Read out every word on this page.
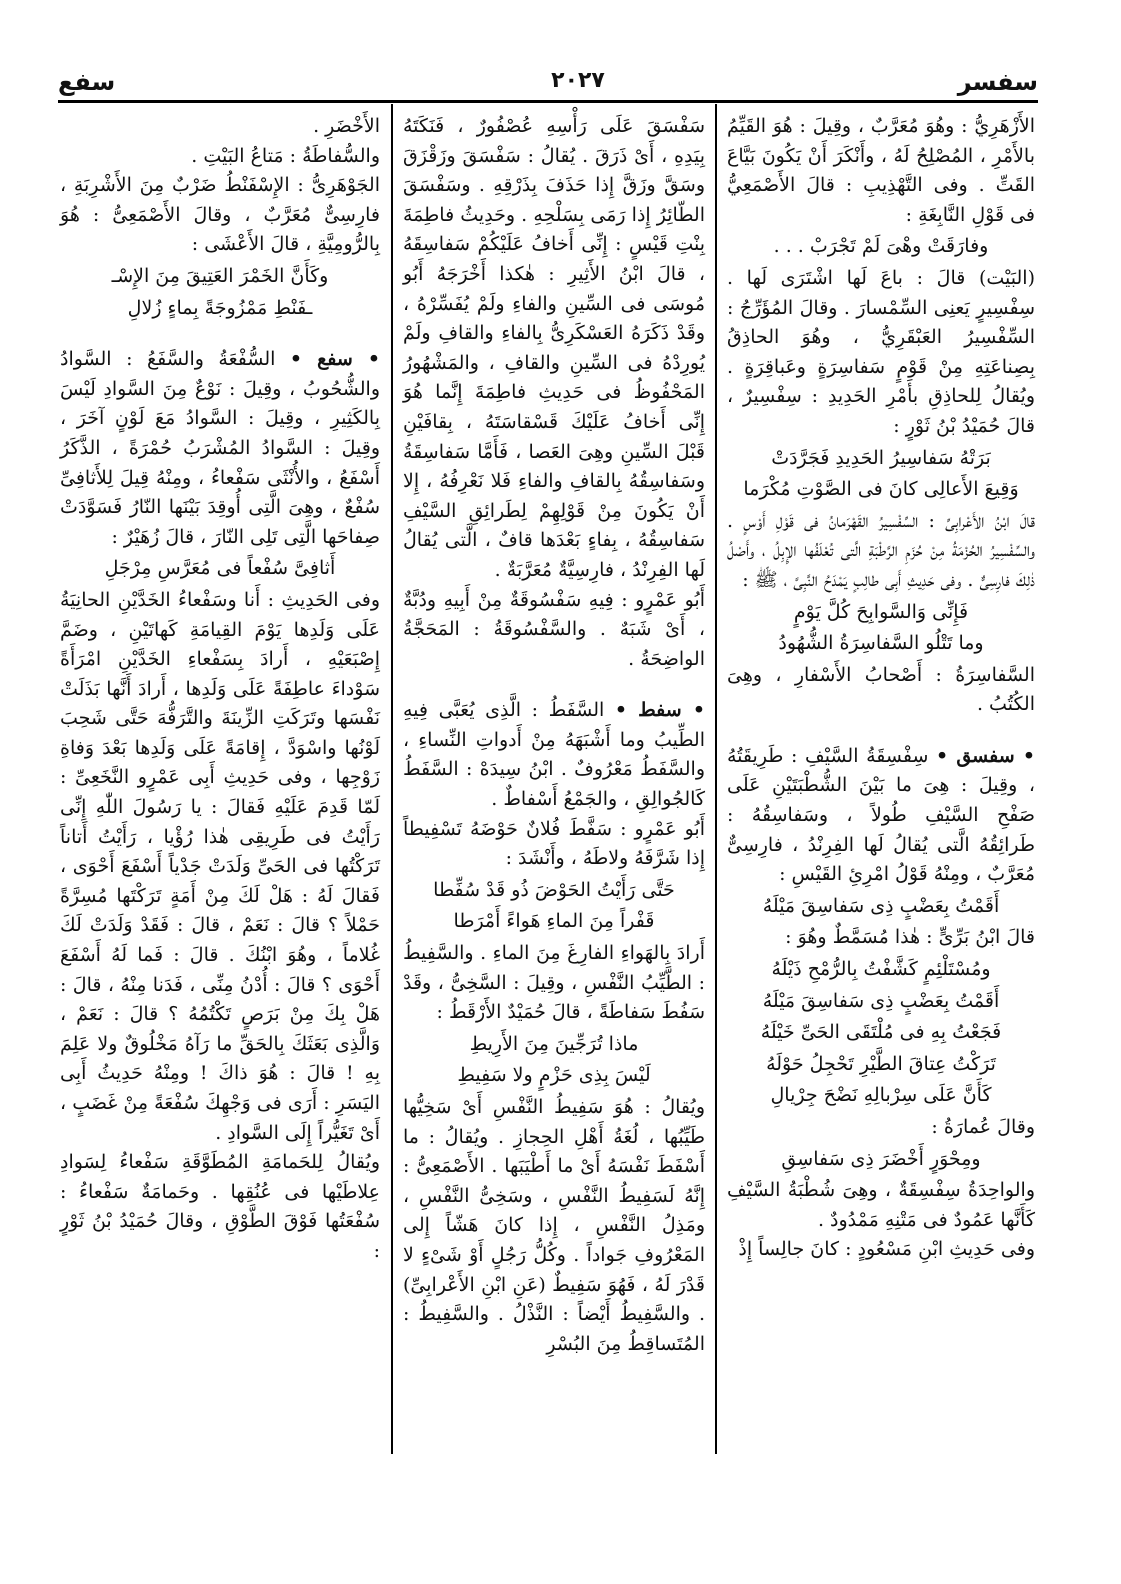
سفسر
٢٠٢٧
سفع

الأَزْهَرِيُّ : وهُوَ مُعَرَّبٌ ، وقِيلَ : هُوَ القَيِّمُ بالأَمْرِ ، المُصْلِحُ لَهُ ، وأَنْكَرَ أَنْ يَكُونَ بَيَّاعَ القَتِّ . وفى التَّهْذِيبِ : قالَ الأَصْمَعِيُّ فى قَوْلِ النَّابِغَةِ :

وفارَقَتْ وهْىَ لَمْ تَجْرَبْ . . .

(البَيْت) قالَ : باعَ لَها اشْتَرَى لَها . سِفْسِيرٍ يَعنِى السِّمْسارَ . وقالَ المُؤَرِّجُ : السِّفْسِيرُ العَبْقَرِيُّ ، وهُوَ الحاذِقُ بِصِناعَتِهِ مِنْ قَوْمٍ سَفاسِرَةٍ وعَباقِرَةٍ . ويُقالُ لِلحاذِقِ بأَمْرِ الحَدِيدِ : سِفْسِيرٌ ، قالَ حُمَيْدُ بْنُ ثَوْرٍ :

بَرَتْهُ سَفاسِيرُ الحَدِيدِ فَجَرَّدَتْ

وَقِيعَ الأَعالِى كانَ فى الصَّوْتِ مُكْرَما

قالَ ابْنُ الأَعْرابِىِّ : السِّفْسِيرُ القَهْرَمانُ فى قَوْلِ أَوْسٍ . والسِّفْسِيرُ الحُزْمَةُ مِنْ حُزَمِ الرَّطْبَةِ الَّتى تُعْلَفُها الإِبِلُ ، وأَصْلُ ذٰلِكَ فارِسِىٌّ . وفى حَدِيثِ أَبِى طالِبٍ يَمْدَحُ النَّبِىَّ ، ﷺ :

فَإِنِّى وَالسَّوابِحَ كُلَّ يَوْمٍ

وما تَتْلُو السَّفاسِرَةُ الشُّهُودُ

السَّفاسِرَةُ : أَصْحابُ الأَسْفارِ ، وهِىَ الكُتُبُ .

• سفسق • سِفْسِقَةُ السَّيْفِ : طَرِيقَتُهُ ، وقِيلَ : هِىَ ما بَيْنَ الشُّطْبَتَيْنِ عَلَى صَفْحِ السَّيْفِ طُولاً ، وسَفاسِقُهُ : طَرائِقُهُ الَّتى يُقالُ لَها الفِرِنْدُ ، فارِسِىٌّ مُعَرَّبٌ ، ومِنْهُ قَوْلُ امْرِئِ القَيْسِ :

أَقَمْتُ بِعَضْبٍ ذِى سَفاسِقَ مَيْلَهُ

قالَ ابْنُ بَرِّىٍّ : هٰذا مُسَمَّطٌ وهُوَ :

ومُسْتَلْئِمٍ كَشَّفْتُ بِالرُّمْحِ ذَيْلَهُ

أَقَمْتُ بِعَضْبٍ ذِى سَفاسِقَ مَيْلَهُ

فَجَعْتُ بِهِ فى مُلْتَقَى الحَىِّ خَيْلَهُ

تَرَكْتُ عِتاقَ الطَّيْرِ تَحْجِلُ حَوْلَهُ

كَأَنَّ عَلَى سِرْبالِهِ نَضْحَ جِرْيالِ

وقالَ عُمارَةُ :

ومِحْوَرٍ أَخْضَرَ ذِى سَفاسِقِ

والواحِدَةُ سِفْسِقَةٌ ، وهِىَ شُطْبَةُ السَّيْفِ كَأَنَّها عَمُودٌ فى مَتْنِهِ مَمْدُودٌ .

وفى حَدِيثِ ابْنِ مَسْعُودٍ : كانَ جالِساً إِذْ

سَفْسَقَ عَلَى رَأْسِهِ عُصْفُورٌ ، فَنَكَتَهُ بِيَدِهِ ، أَىْ ذَرَقَ . يُقالُ : سَفْسَقَ وزَقْزَقَ وسَقَّ وزَقَّ إِذا حَذَفَ بِذَرْقِهِ . وسَفْسَقَ الطّائِرُ إِذا رَمَى بِسَلْحِهِ . وحَدِيثُ فاطِمَةَ بِنْتِ قَيْسٍ : إِنِّى أَخافُ عَلَيْكُمْ سَفاسِقَهُ ، قالَ ابْنُ الأَثِيرِ : هٰكذا أَخْرَجَهُ أَبُو مُوسَى فى السِّينِ والفاءِ ولَمْ يُفَسِّرْهُ ، وقَدْ ذَكَرَهُ العَسْكَرِىُّ بِالفاءِ والقافِ ولَمْ يُورِدْهُ فى السِّينِ والقافِ ، والمَشْهُورُ المَحْفُوظُ فى حَدِيثِ فاطِمَةَ إِنَّما هُوَ إِنِّى أَخافُ عَلَيْكَ قَسْقاسَتَهُ ، بِقافَيْنِ قَبْلَ السِّينِ وهِىَ العَصا ، فَأَمَّا سَفاسِقَةُ وسَفاسِقُهُ بِالقافِ والفاءِ فَلا نَعْرِفُهُ ، إِلا أَنْ يَكُونَ مِنْ قَوْلِهِمْ لِطَرائِقِ السَّيْفِ سَفاسِقُهُ ، بِفاءٍ بَعْدَها قافٌ ، الَّتى يُقالُ لَها الفِرِنْدُ ، فارِسِيَّةٌ مُعَرَّبَةٌ .

أَبُو عَمْرٍو : فِيهِ سَفْسُوقَةٌ مِنْ أَبِيهِ ودُبَّةٌ ، أَىْ شَبَهٌ . والسَّفْسُوقَةُ : المَحَجَّةُ الواضِحَةُ .

• سفط • السَّفَطُ : الَّذِى يُعَبَّى فِيهِ الطِّيبُ وما أَشْبَهَهُ مِنْ أَدواتِ النِّساءِ ، والسَّفَطُ مَعْرُوفٌ . ابْنُ سِيدَهْ : السَّفَطُ كَالجُوالِقِ ، والجَمْعُ أَسْفاطٌ .

أَبُو عَمْرٍو : سَفَّطَ فُلانٌ حَوْضَهُ تَسْفِيطاً إِذا شَرَّفَهُ ولاطَهُ ، وأَنْشَدَ :

حَتَّى رَأَيْتُ الحَوْضَ ذُو قَدْ سُفِّطا

قَفْراً مِنَ الماءِ هَواءً أَمْرَطا

أَرادَ بِالهَواءِ الفارِغَ مِنَ الماءِ . والسَّفِيطُ : الطَّيِّبُ النَّفْسِ ، وقِيلَ : السَّخِىُّ ، وقَدْ سَفُطَ سَفاطَةً ، قالَ حُمَيْدٌ الأَرْقَطُ :

ماذا تُرَجِّينَ مِنَ الأَرِيطِ

لَيْسَ بِذِى حَزْمٍ ولا سَفِيطِ

ويُقالُ : هُوَ سَفِيطُ النَّفْسِ أَىْ سَخِيُّها طَيِّبُها ، لُغَةُ أَهْلِ الحِجازِ . ويُقالُ : ما أَسْفَطَ نَفْسَهُ أَىْ ما أَطْيَبَها . الأَصْمَعِىُّ : إِنَّهُ لَسَفِيطُ النَّفْسِ ، وسَخِىُّ النَّفْسِ ، ومَذِلُ النَّفْسِ ، إِذا كانَ هَشّاً إِلى المَعْرُوفِ جَواداً . وكُلُّ رَجُلٍ أَوْ شَىْءٍ لا قَدْرَ لَهُ ، فَهُوَ سَفِيطٌ (عَنِ ابْنِ الأَعْرابِىِّ) . والسَّفِيطُ أَيْضاً : النَّذْلُ . والسَّفِيطُ : المُتَساقِطُ مِنَ البُسْرِ

الأَخْضَرِ .

والسُّفاطَةُ : مَتاعُ البَيْتِ .

الجَوْهَرِىُّ : الإِسْفَنْطُ ضَرْبٌ مِنَ الأَشْرِبَةِ ، فارِسِىٌّ مُعَرَّبٌ ، وقالَ الأَصْمَعِىُّ : هُوَ بِالرُّومِيَّةِ ، قالَ الأَعْشَى :

وكَأَنَّ الخَمْرَ العَتِيقَ مِنَ الإِسْـ

ـفَنْطِ مَمْزُوجَةً بِماءٍ زُلالِ

• سفع • السُّفْعَةُ والسَّفَعُ : السَّوادُ والشُّحُوبُ ، وقِيلَ : نَوْعٌ مِنَ السَّوادِ لَيْسَ بِالكَثِيرِ ، وقِيلَ : السَّوادُ مَعَ لَوْنٍ آخَرَ ، وقِيلَ : السَّوادُ المُشْرَبُ حُمْرَةً ، الذَّكَرُ أَسْفَعُ ، والأُنْثَى سَفْعاءُ ، ومِنْهُ قِيلَ لِلأَثافِىِّ سُفْعٌ ، وهِىَ الَّتِى أُوقِدَ بَيْنَها النّارُ فَسَوَّدَتْ صِفاحَها الَّتِى تَلِى النّارَ ، قالَ زُهَيْرٌ :

أَثافِىَّ سُفْعاً فى مُعَرَّسِ مِرْجَلِ

وفى الحَدِيثِ : أَنا وسَفْعاءُ الخَدَّيْنِ الحانِيَةُ عَلَى وَلَدِها يَوْمَ القِيامَةِ كَهاتَيْنِ ، وضَمَّ إِصْبَعَيْهِ ، أَرادَ بِسَفْعاءِ الخَدَّيْنِ امْرَأَةً سَوْداءَ عاطِفَةً عَلَى وَلَدِها ، أَرادَ أَنَّها بَذَلَتْ نَفْسَها وتَرَكَتِ الزِّينَةَ والتَّرَفُّهَ حَتَّى شَحِبَ لَوْنُها واسْوَدَّ ، إِقامَةً عَلَى وَلَدِها بَعْدَ وَفاةِ زَوْجِها ، وفى حَدِيثِ أَبِى عَمْرٍو النَّخَعِىِّ : لَمّا قَدِمَ عَلَيْهِ فَقالَ : يا رَسُولَ اللّٰهِ إِنِّى رَأَيْتُ فى طَرِيقِى هٰذا رُؤْيا ، رَأَيْتُ أَتاناً تَرَكْتُها فى الحَىِّ وَلَدَتْ جَدْياً أَسْفَعَ أَحْوَى ، فَقالَ لَهُ : هَلْ لَكَ مِنْ أَمَةٍ تَرَكْتَها مُسِرَّةً حَمْلاً ؟ قالَ : نَعَمْ ، قالَ : فَقَدْ وَلَدَتْ لَكَ غُلاماً ، وهُوَ ابْنُكَ . قالَ : فَما لَهُ أَسْفَعَ أَحْوَى ؟ قالَ : أُدْنُ مِنِّى ، فَدَنا مِنْهُ ، قالَ : هَلْ بِكَ مِنْ بَرَصٍ تَكْتُمُهُ ؟ قالَ : نَعَمْ ، وَالَّذِى بَعَثَكَ بِالحَقِّ ما رَآهُ مَخْلُوقٌ ولا عَلِمَ بِهِ ! قالَ : هُوَ ذاكَ ! ومِنْهُ حَدِيثُ أَبِى اليَسَرِ : أَرَى فى وَجْهِكَ سُفْعَةً مِنْ غَضَبٍ ، أَىْ تَغَيُّراً إِلَى السَّوادِ .

ويُقالُ لِلحَمامَةِ المُطَوَّقَةِ سَفْعاءُ لِسَوادِ عِلاطَيْها فى عُنُقِها . وحَمامَةٌ سَفْعاءُ : سُفْعَتُها فَوْقَ الطَّوْقِ ، وقالَ حُمَيْدُ بْنُ ثَوْرٍ :
